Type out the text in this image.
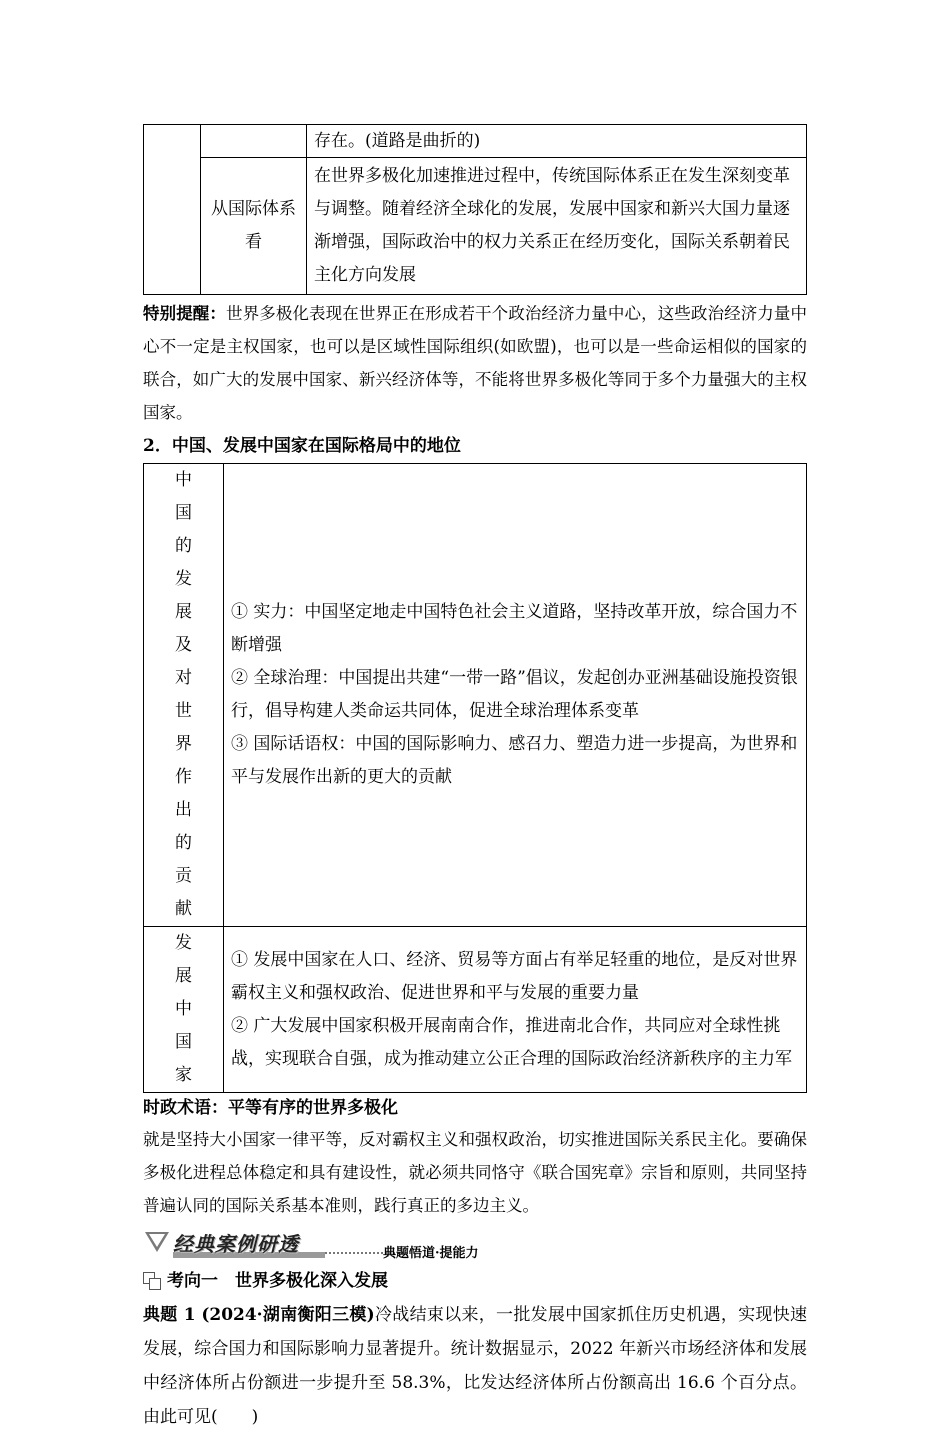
		存在。(道路是曲折的)
	从国际体系看	在世界多极化加速推进过程中，传统国际体系正在发生深刻变革与调整。随着经济全球化的发展，发展中国家和新兴大国力量逐渐增强，国际政治中的权力关系正在经历变化，国际关系朝着民主化方向发展

特别提醒：世界多极化表现在世界正在形成若干个政治经济力量中心，这些政治经济力量中心不一定是主权国家，也可以是区域性国际组织(如欧盟)，也可以是一些命运相似的国家的联合，如广大的发展中国家、新兴经济体等，不能将世界多极化等同于多个力量强大的主权国家。

2．中国、发展中国家在国际格局中的地位
中国的发展及对世界作出的贡献	① 实力：中国坚定地走中国特色社会主义道路，坚持改革开放，综合国力不断增强
② 全球治理：中国提出共建“一带一路”倡议，发起创办亚洲基础设施投资银行，倡导构建人类命运共同体，促进全球治理体系变革
③ 国际话语权：中国的国际影响力、感召力、塑造力进一步提高，为世界和平与发展作出新的更大的贡献

发展中国家	① 发展中国家在人口、经济、贸易等方面占有举足轻重的地位，是反对世界霸权主义和强权政治、促进世界和平与发展的重要力量
② 广大发展中国家积极开展南南合作，推进南北合作，共同应对全球性挑战，实现联合自强，成为推动建立公正合理的国际政治经济新秩序的主力军
时政术语：平等有序的世界多极化

就是坚持大小国家一律平等，反对霸权主义和强权政治，切实推进国际关系民主化。要确保多极化进程总体稳定和具有建设性，就必须共同恪守《联合国宪章》宗旨和原则，共同坚持普遍认同的国际关系基本准则，践行真正的多边主义。

经典案例研透	典题悟道·提能力
考向一　世界多极化深入发展

典题 1 (2024·湖南衡阳三模)冷战结束以来，一批发展中国家抓住历史机遇，实现快速发展，综合国力和国际影响力显著提升。统计数据显示，2022 年新兴市场经济体和发展中经济体所占份额进一步提升至 58.3%，比发达经济体所占份额高出 16.6 个百分点。由此可见(　　)
